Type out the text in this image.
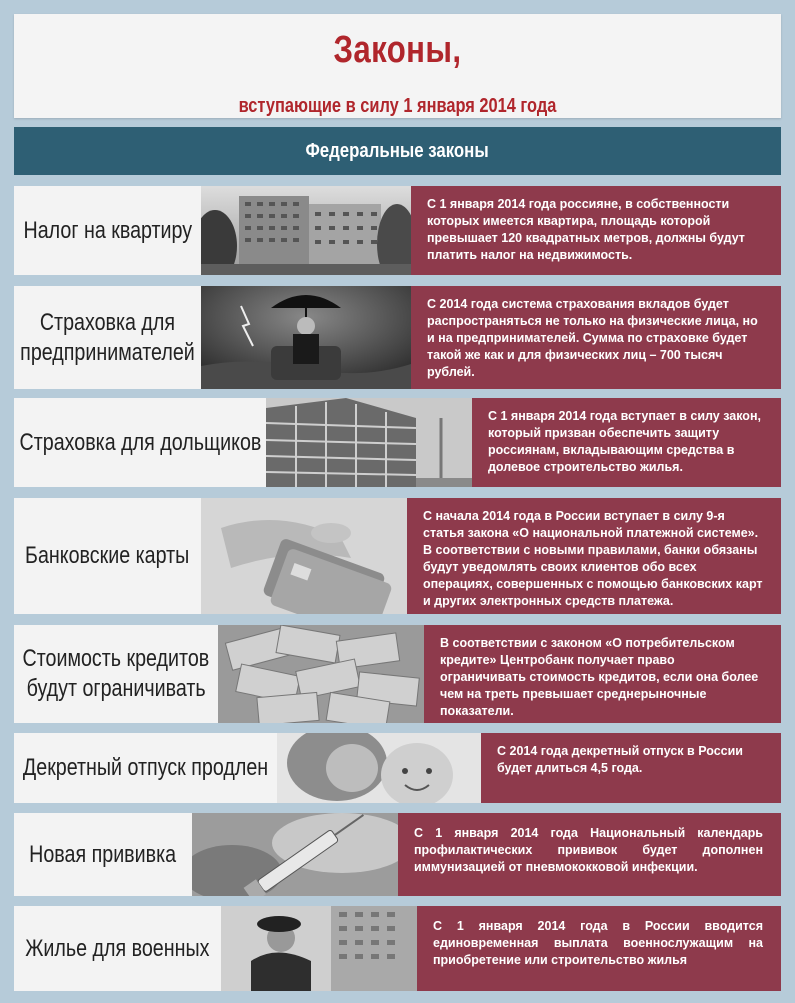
Законы,
вступающие в силу 1 января 2014 года
Федеральные законы
Налог на квартиру
С 1 января 2014 года россияне, в собственности которых имеется квартира, площадь которой превышает 120 квадратных метров, должны будут платить налог на недвижимость.
Страховка для
предпринимателей
С 2014 года система страхования вкладов будет распространяться не только на физические лица, но и на предпринимателей. Сумма по страховке будет такой же как и для физических лиц – 700 тысяч рублей.
Страховка для дольщиков
С 1 января 2014 года вступает в силу закон, который призван обеспечить защиту россиянам, вкладывающим средства в долевое строительство жилья.
Банковские карты
С начала 2014 года в России вступает в силу 9-я статья закона «О национальной платежной системе». В соответствии с новыми правилами, банки обязаны будут уведомлять своих клиентов обо всех операциях, совершенных с помощью банковских карт и других электронных средств платежа.
Стоимость кредитов
будут ограничивать
В соответствии с законом «О потребительском кредите» Центробанк получает право ограничивать стоимость кредитов, если она более чем на треть превышает среднерыночные показатели.
Декретный отпуск продлен
С 2014 года декретный отпуск в России будет длиться 4,5 года.
Новая прививка
С 1 января 2014 года Национальный календарь профилактических прививок будет дополнен иммунизацией от пневмококковой инфекции.
Жилье для военных
С 1 января 2014 года в России вводится единовременная выплата военнослужащим на приобретение или строительство жилья
